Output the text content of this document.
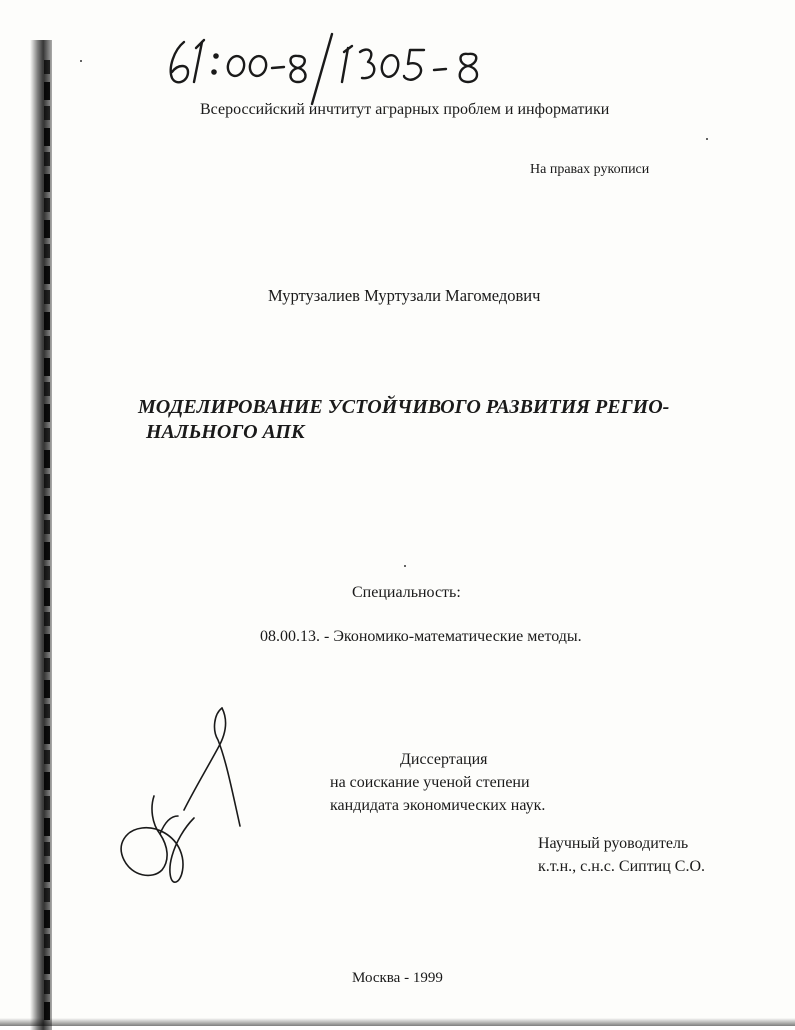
Всероссийский инчтитут аграрных проблем и информатики

На правах рукописи

Муртузалиев Муртузали Магомедович

МОДЕЛИРОВАНИЕ УСТОЙЧИВОГО РАЗВИТИЯ РЕГИО-
НАЛЬНОГО АПК

Специальность:

08.00.13. - Экономико-математические методы.

Диссертация

на соискание ученой степени

кандидата экономических наук.

Научный руоводитель

к.т.н., с.н.с. Сиптиц С.О.

Москва - 1999
